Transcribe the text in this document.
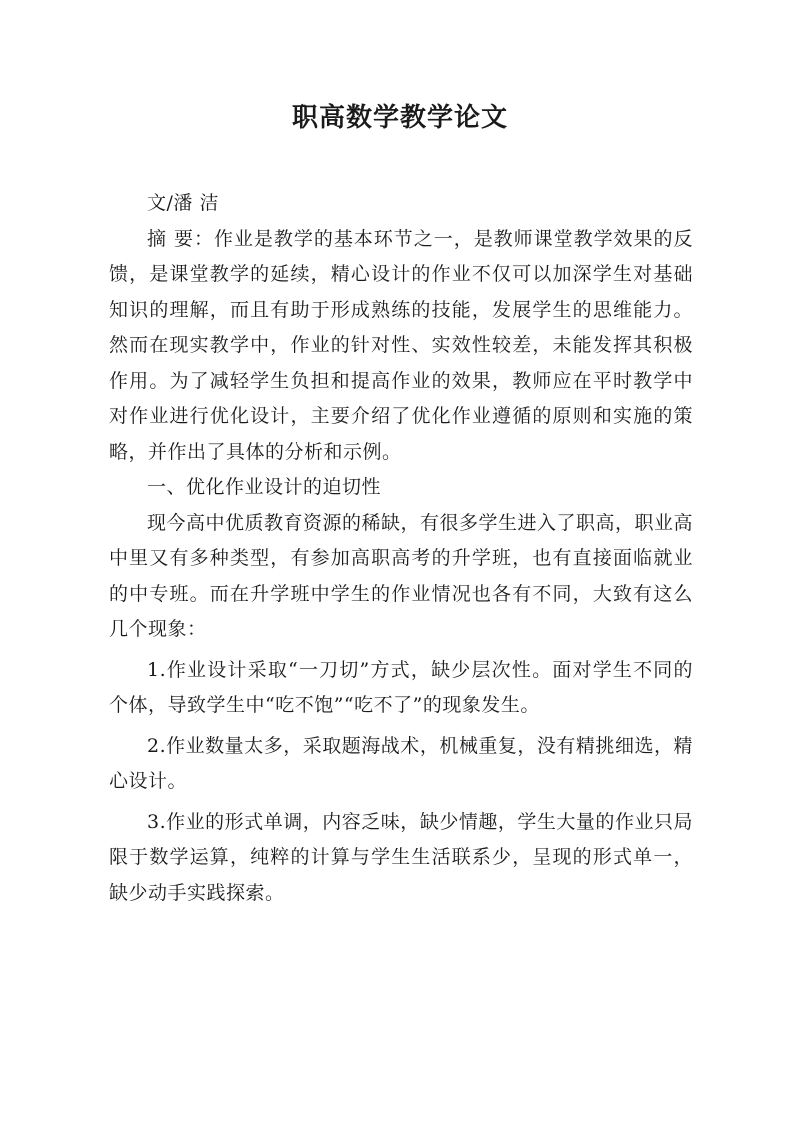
职高数学教学论文

文/潘 洁

摘 要：作业是教学的基本环节之一，是教师课堂教学效果的反馈，是课堂教学的延续，精心设计的作业不仅可以加深学生对基础知识的理解，而且有助于形成熟练的技能，发展学生的思维能力。然而在现实教学中，作业的针对性、实效性较差，未能发挥其积极作用。为了减轻学生负担和提高作业的效果，教师应在平时教学中对作业进行优化设计，主要介绍了优化作业遵循的原则和实施的策略，并作出了具体的分析和示例。

一、优化作业设计的迫切性

现今高中优质教育资源的稀缺，有很多学生进入了职高，职业高中里又有多种类型，有参加高职高考的升学班，也有直接面临就业的中专班。而在升学班中学生的作业情况也各有不同，大致有这么几个现象：

1.作业设计采取“一刀切”方式，缺少层次性。面对学生不同的个体，导致学生中“吃不饱”“吃不了”的现象发生。

2.作业数量太多，采取题海战术，机械重复，没有精挑细选，精心设计。

3.作业的形式单调，内容乏味，缺少情趣，学生大量的作业只局限于数学运算，纯粹的计算与学生生活联系少，呈现的形式单一，缺少动手实践探索。
